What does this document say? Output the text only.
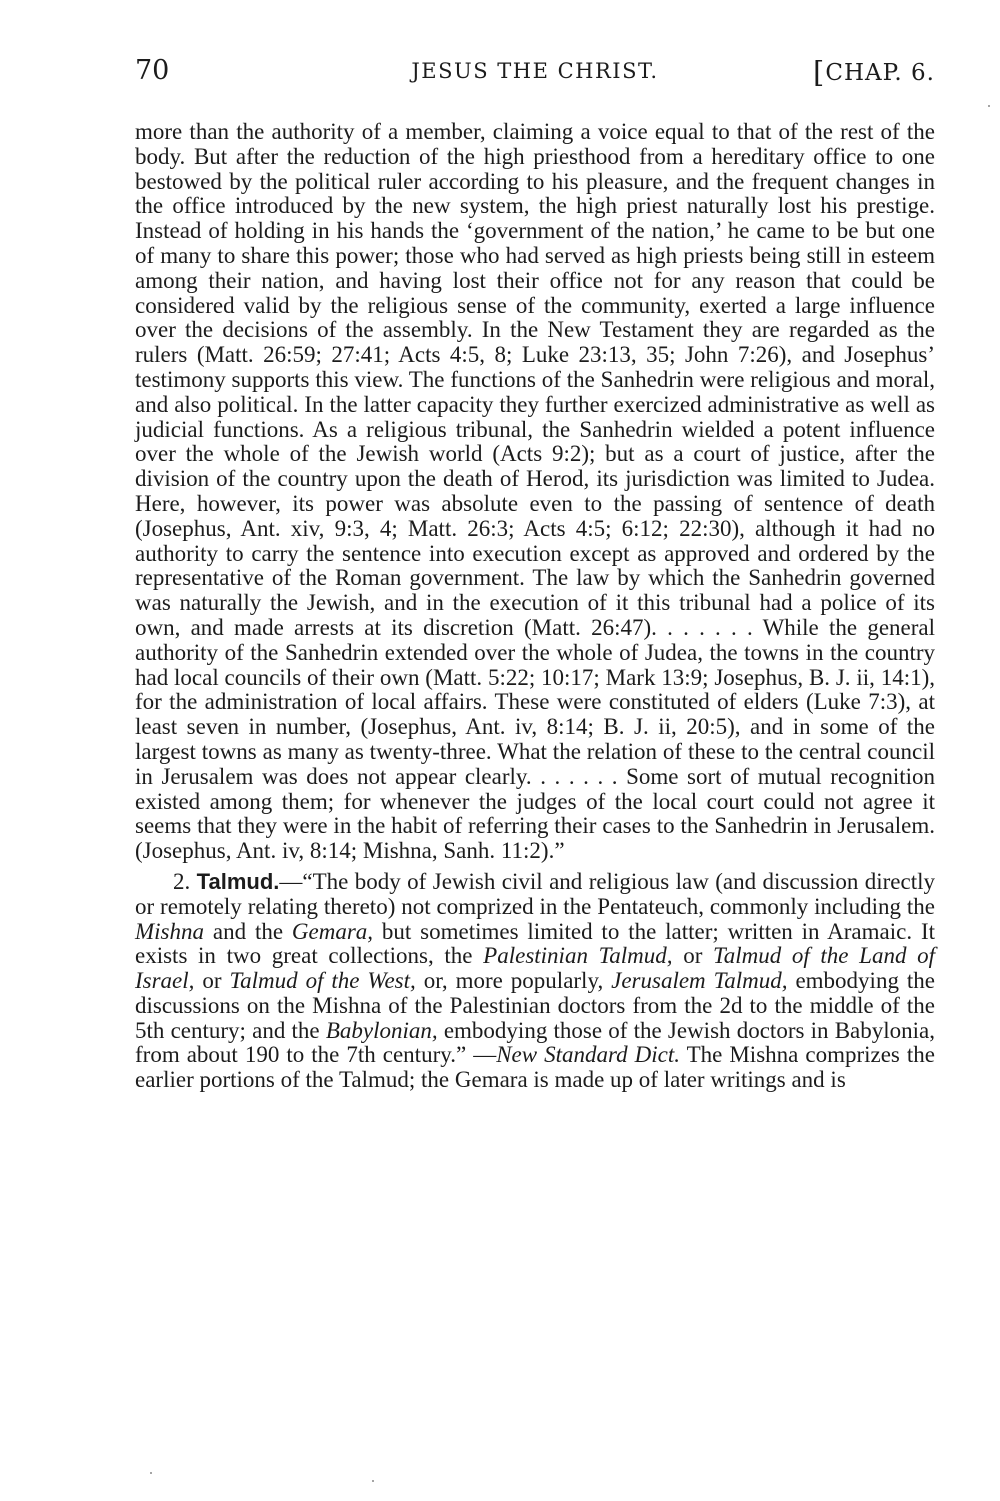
70	JESUS THE CHRIST.	[CHAP. 6.

more than the authority of a member, claiming a voice equal to that of the rest of the body. But after the reduction of the high priesthood from a hereditary office to one bestowed by the political ruler according to his pleasure, and the frequent changes in the office introduced by the new system, the high priest naturally lost his prestige. Instead of holding in his hands the ‘government of the nation,’ he came to be but one of many to share this power; those who had served as high priests being still in esteem among their nation, and having lost their office not for any reason that could be considered valid by the religious sense of the community, exerted a large influence over the decisions of the assembly. In the New Testament they are regarded as the rulers (Matt. 26:59; 27:41; Acts 4:5, 8; Luke 23:13, 35; John 7:26), and Josephus’ testimony supports this view. The functions of the Sanhedrin were religious and moral, and also political. In the latter capacity they further exercized administrative as well as judicial functions. As a religious tribunal, the Sanhedrin wielded a potent influence over the whole of the Jewish world (Acts 9:2); but as a court of justice, after the division of the country upon the death of Herod, its jurisdiction was limited to Judea. Here, however, its power was absolute even to the passing of sentence of death (Josephus, Ant. xiv, 9:3, 4; Matt. 26:3; Acts 4:5; 6:12; 22:30), although it had no authority to carry the sentence into execution except as approved and ordered by the representative of the Roman government. The law by which the Sanhedrin governed was naturally the Jewish, and in the execution of it this tribunal had a police of its own, and made arrests at its discretion (Matt. 26:47). . . . . . . While the general authority of the Sanhedrin extended over the whole of Judea, the towns in the country had local councils of their own (Matt. 5:22; 10:17; Mark 13:9; Josephus, B. J. ii, 14:1), for the administration of local affairs. These were constituted of elders (Luke 7:3), at least seven in number, (Josephus, Ant. iv, 8:14; B. J. ii, 20:5), and in some of the largest towns as many as twenty-three. What the relation of these to the central council in Jerusalem was does not appear clearly. . . . . . . Some sort of mutual recognition existed among them; for whenever the judges of the local court could not agree it seems that they were in the habit of referring their cases to the Sanhedrin in Jerusalem. (Josephus, Ant. iv, 8:14; Mishna, Sanh. 11:2).”

2. Talmud.—“The body of Jewish civil and religious law (and discussion directly or remotely relating thereto) not comprized in the Pentateuch, commonly including the Mishna and the Gemara, but sometimes limited to the latter; written in Aramaic. It exists in two great collections, the Palestinian Talmud, or Talmud of the Land of Israel, or Talmud of the West, or, more popularly, Jerusalem Talmud, embodying the discussions on the Mishna of the Palestinian doctors from the 2d to the middle of the 5th century; and the Babylonian, embodying those of the Jewish doctors in Babylonia, from about 190 to the 7th century.” —New Standard Dict. The Mishna comprizes the earlier portions of the Talmud; the Gemara is made up of later writings and is
